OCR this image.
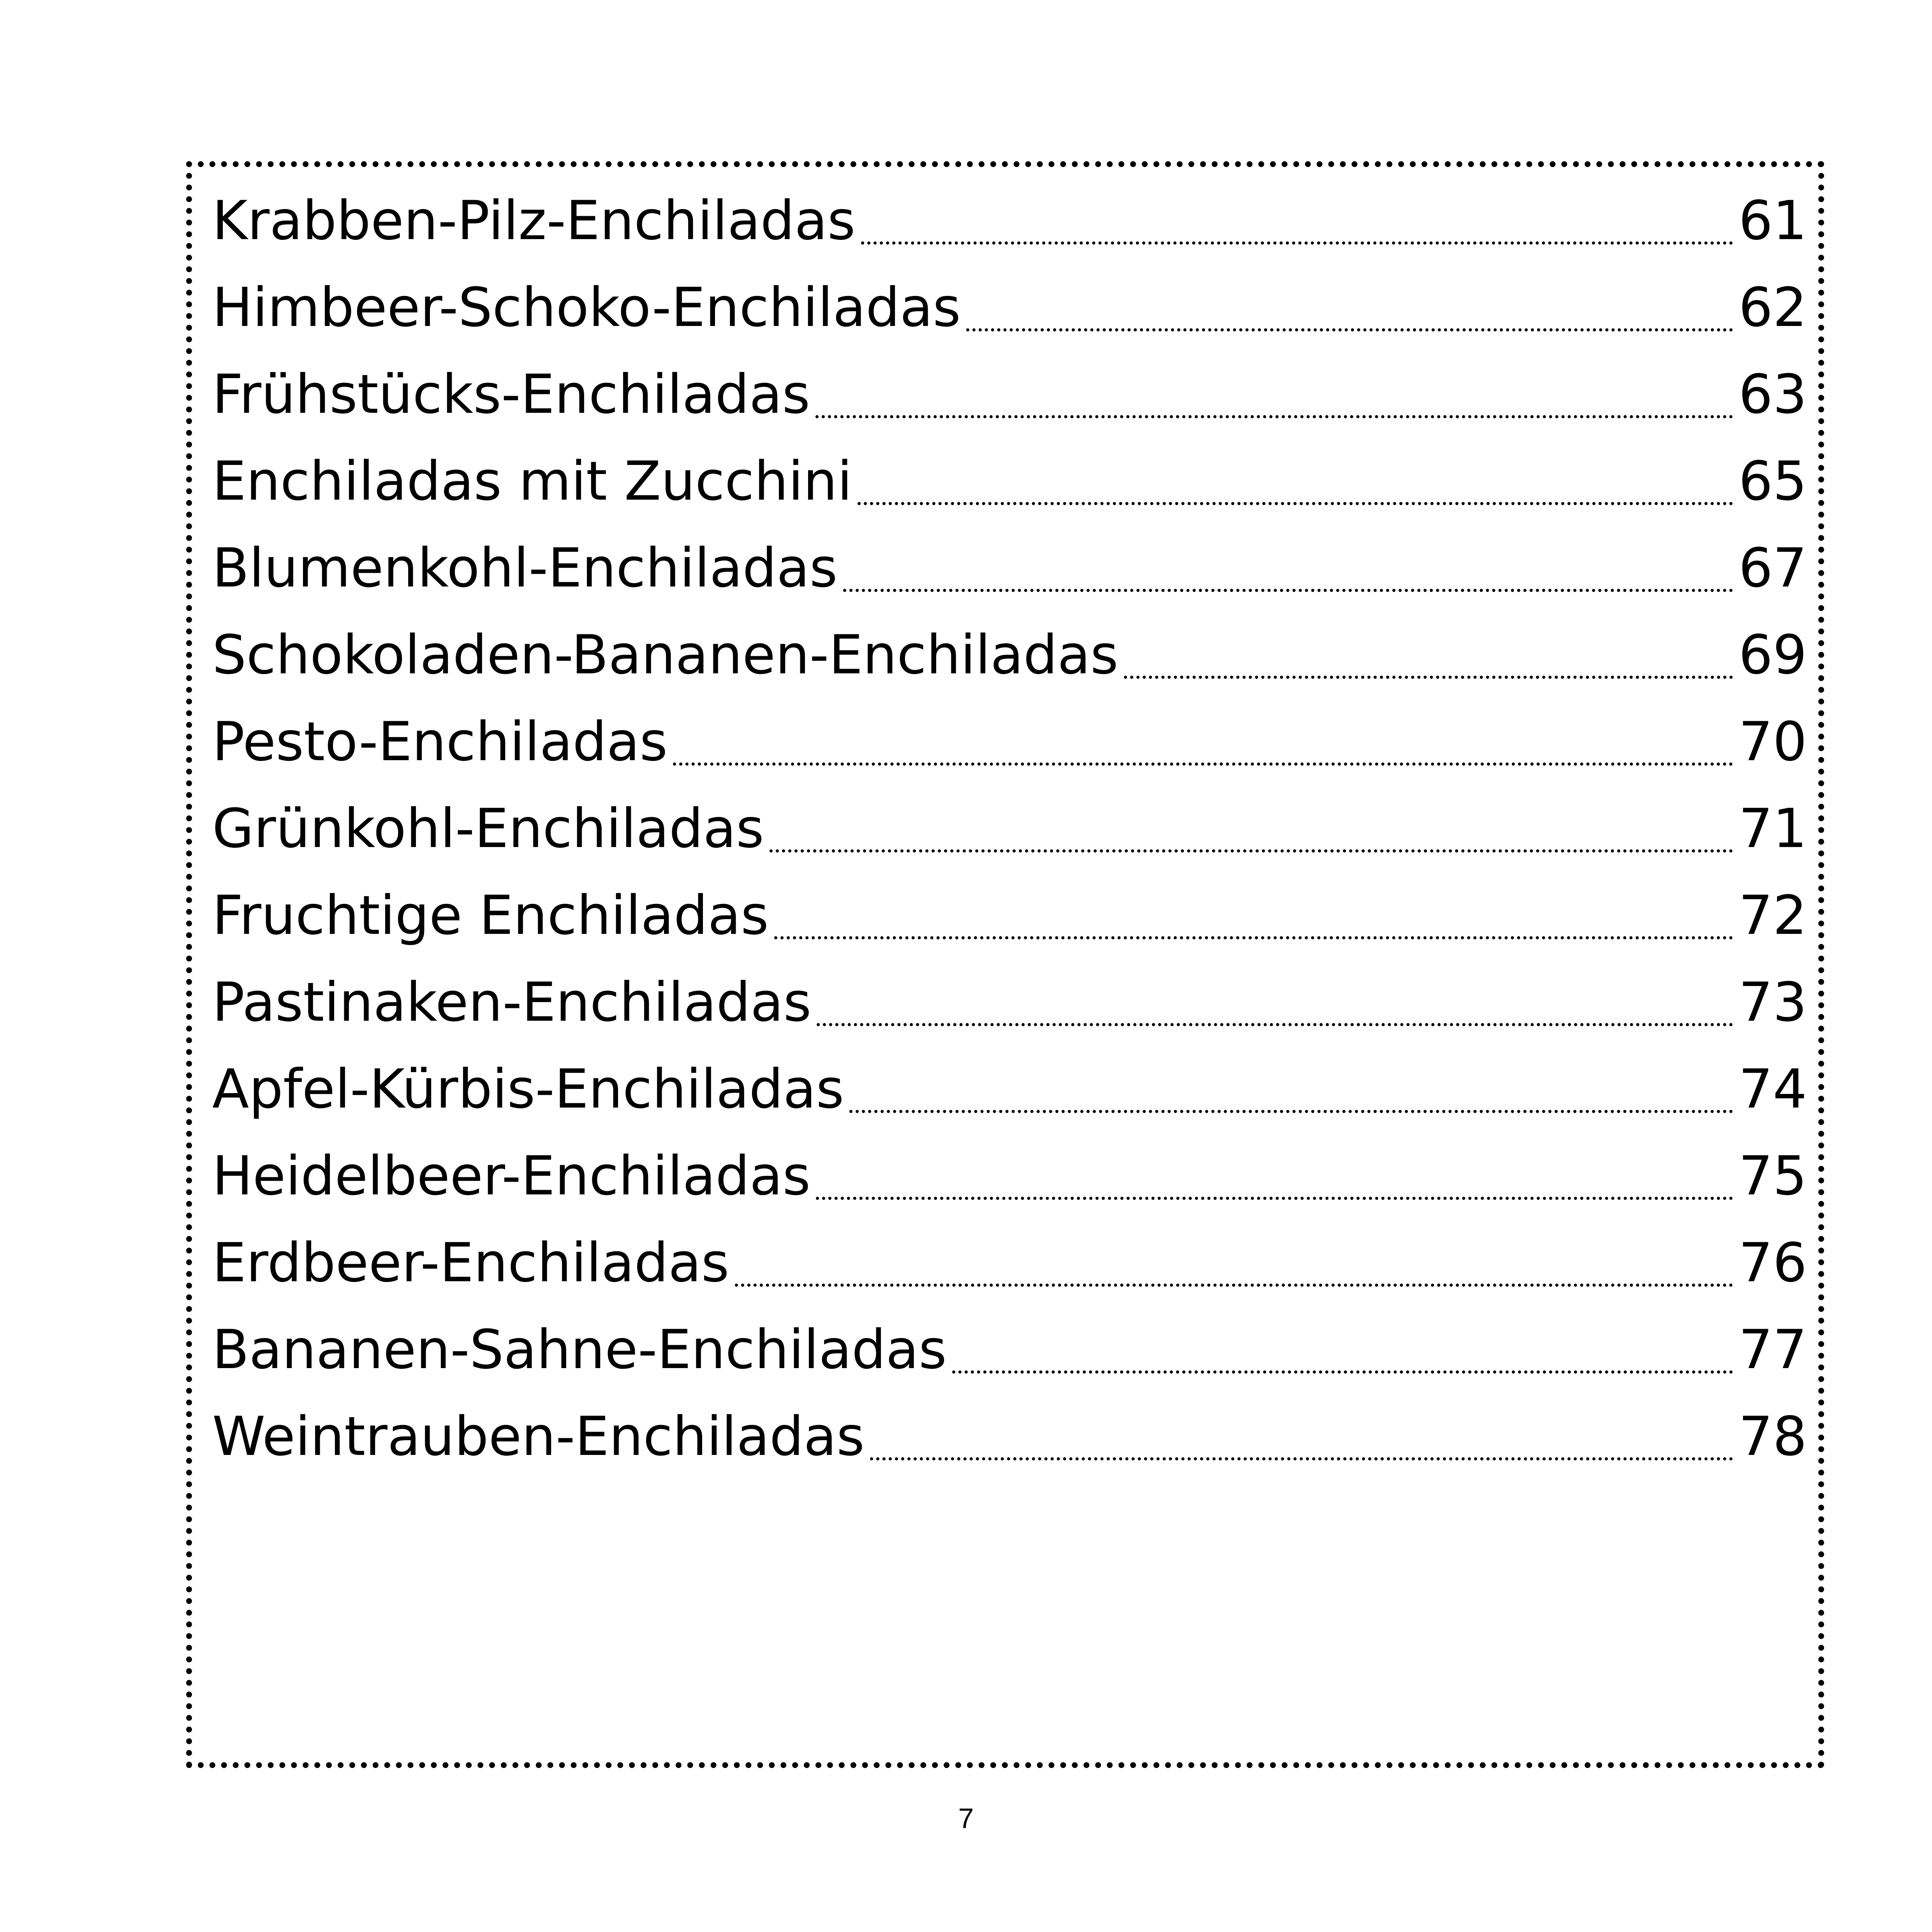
Krabben-Pilz-Enchiladas	61
Himbeer-Schoko-Enchiladas	62
Frühstücks-Enchiladas	63
Enchiladas mit Zucchini	65
Blumenkohl-Enchiladas	67
Schokoladen-Bananen-Enchiladas	69
Pesto-Enchiladas	70
Grünkohl-Enchiladas	71
Fruchtige Enchiladas	72
Pastinaken-Enchiladas	73
Apfel-Kürbis-Enchiladas	74
Heidelbeer-Enchiladas	75
Erdbeer-Enchiladas	76
Bananen-Sahne-Enchiladas	77
Weintrauben-Enchiladas	78
7
